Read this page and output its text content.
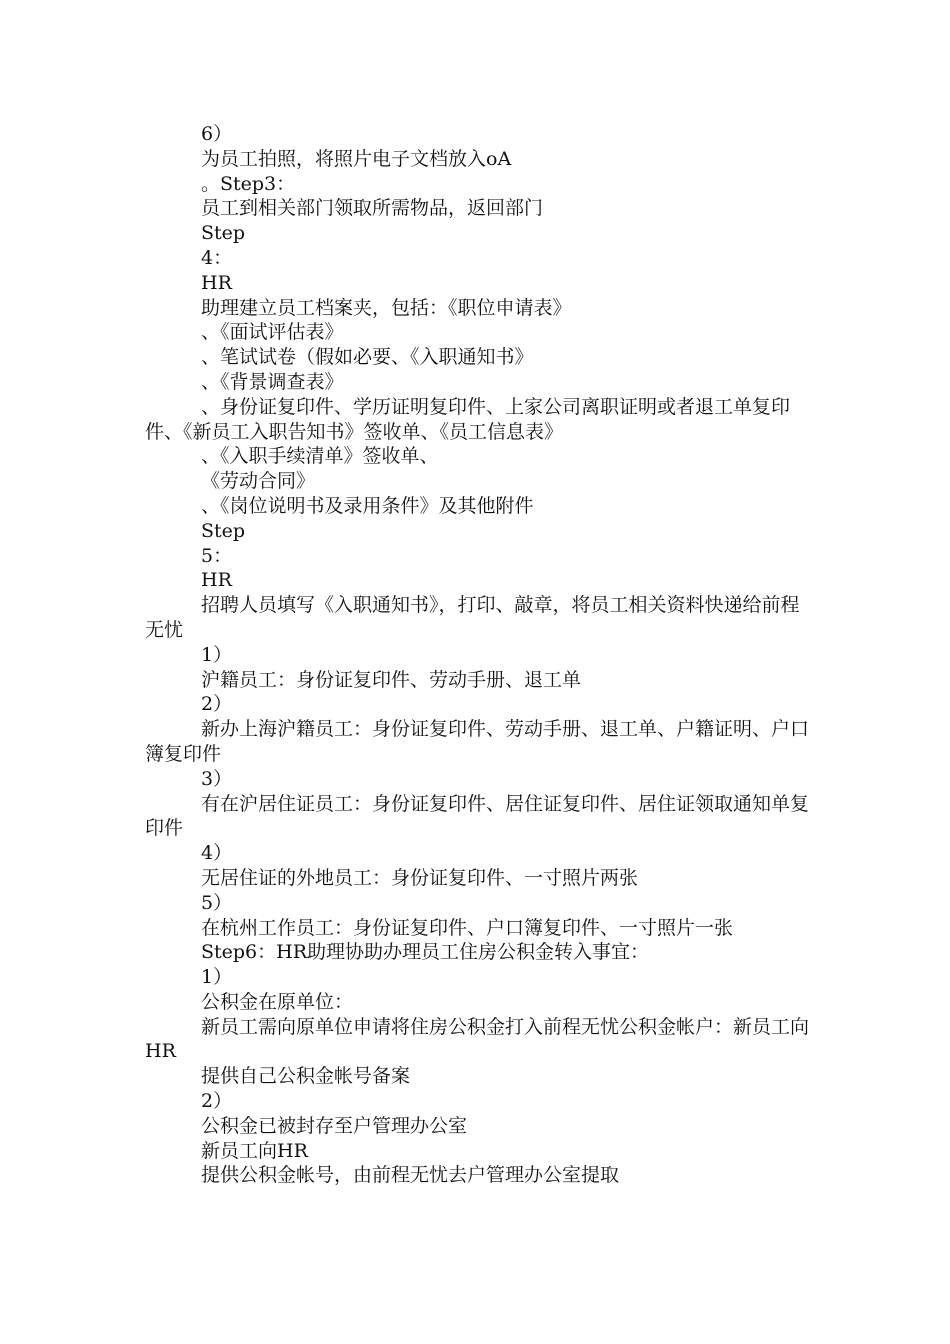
6）

为员工拍照，将照片电子文档放入oA

。Step3：

员工到相关部门领取所需物品，返回部门

Step

4：

HR

助理建立员工档案夹，包括：《职位申请表》

、《面试评估表》

、笔试试卷（假如必要、《入职通知书》

、《背景调查表》

、身份证复印件、学历证明复印件、上家公司离职证明或者退工单复印件、《新员工入职告知书》签收单、《员工信息表》

、《入职手续清单》签收单、

《劳动合同》

、《岗位说明书及录用条件》及其他附件

Step

5：

HR

招聘人员填写《入职通知书》，打印、敲章，将员工相关资料快递给前程无忧

1）

沪籍员工：身份证复印件、劳动手册、退工单

2）

新办上海沪籍员工：身份证复印件、劳动手册、退工单、户籍证明、户口簿复印件

3）

有在沪居住证员工：身份证复印件、居住证复印件、居住证领取通知单复印件

4）

无居住证的外地员工：身份证复印件、一寸照片两张

5）

在杭州工作员工：身份证复印件、户口簿复印件、一寸照片一张

Step6：HR助理协助办理员工住房公积金转入事宜：

1）

公积金在原单位：

新员工需向原单位申请将住房公积金打入前程无忧公积金帐户：新员工向HR

提供自己公积金帐号备案

2）

公积金已被封存至户管理办公室

新员工向HR

提供公积金帐号，由前程无忧去户管理办公室提取
